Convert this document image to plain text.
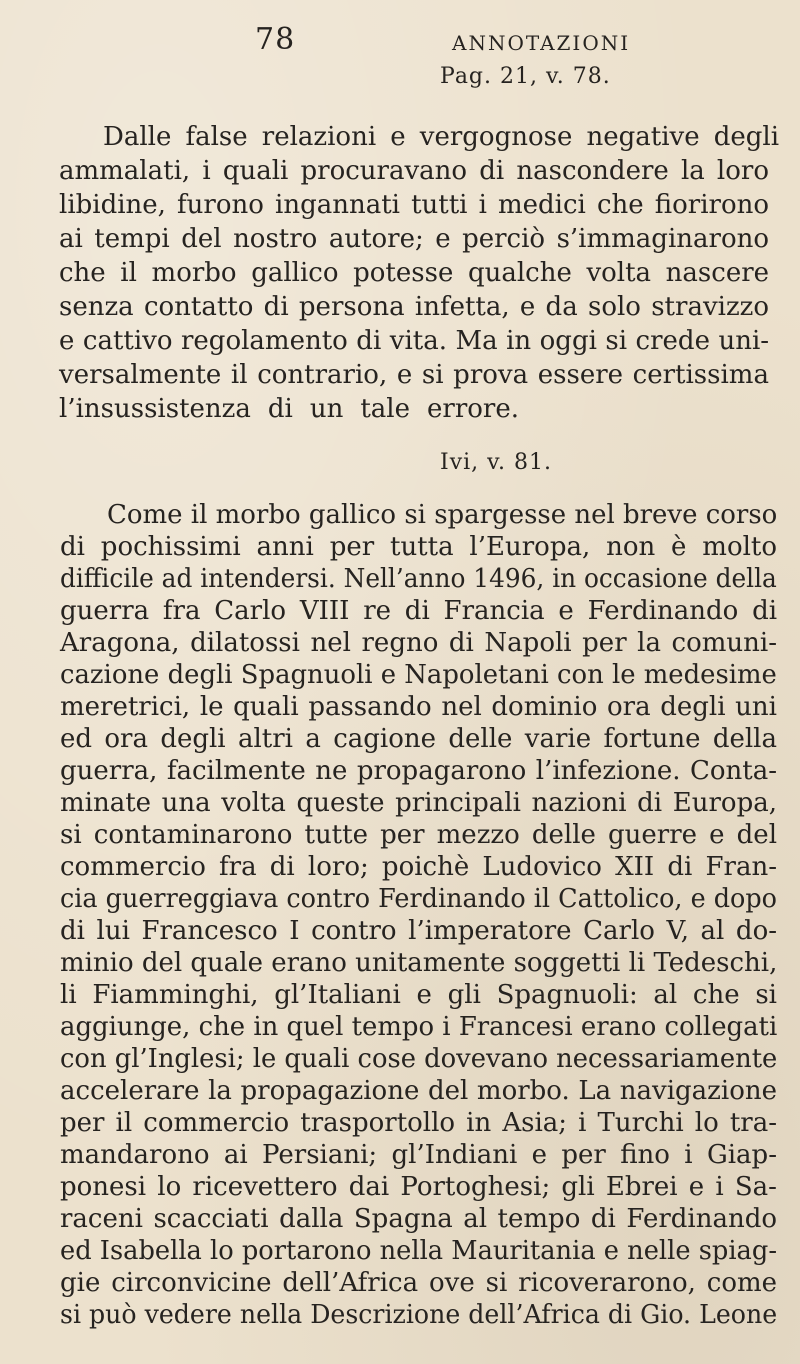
78	ANNOTAZIONI
Pag. 21, v. 78.
Dalle false relazioni e vergognose negative degli
ammalati, i quali procuravano di nascondere la loro
libidine, furono ingannati tutti i medici che fiorirono
ai tempi del nostro autore; e perciò s’immaginarono
che il morbo gallico potesse qualche volta nascere
senza contatto di persona infetta, e da solo stravizzo
e cattivo regolamento di vita. Ma in oggi si crede uni-
versalmente il contrario, e si prova essere certissima
l’insussistenza di un tale errore.
Ivi, v. 81.
Come il morbo gallico si spargesse nel breve corso
di pochissimi anni per tutta l’Europa, non è molto
difficile ad intendersi. Nell’anno 1496, in occasione della
guerra fra Carlo VIII re di Francia e Ferdinando di
Aragona, dilatossi nel regno di Napoli per la comuni-
cazione degli Spagnuoli e Napoletani con le medesime
meretrici, le quali passando nel dominio ora degli uni
ed ora degli altri a cagione delle varie fortune della
guerra, facilmente ne propagarono l’infezione. Conta-
minate una volta queste principali nazioni di Europa,
si contaminarono tutte per mezzo delle guerre e del
commercio fra di loro; poichè Ludovico XII di Fran-
cia guerreggiava contro Ferdinando il Cattolico, e dopo
di lui Francesco I contro l’imperatore Carlo V, al do-
minio del quale erano unitamente soggetti li Tedeschi,
li Fiamminghi, gl’Italiani e gli Spagnuoli: al che si
aggiunge, che in quel tempo i Francesi erano collegati
con gl’Inglesi; le quali cose dovevano necessariamente
accelerare la propagazione del morbo. La navigazione
per il commercio trasportollo in Asia; i Turchi lo tra-
mandarono ai Persiani; gl’Indiani e per fino i Giap-
ponesi lo ricevettero dai Portoghesi; gli Ebrei e i Sa-
raceni scacciati dalla Spagna al tempo di Ferdinando
ed Isabella lo portarono nella Mauritania e nelle spiag-
gie circonvicine dell’Africa ove si ricoverarono, come
si può vedere nella Descrizione dell’Africa di Gio. Leone
